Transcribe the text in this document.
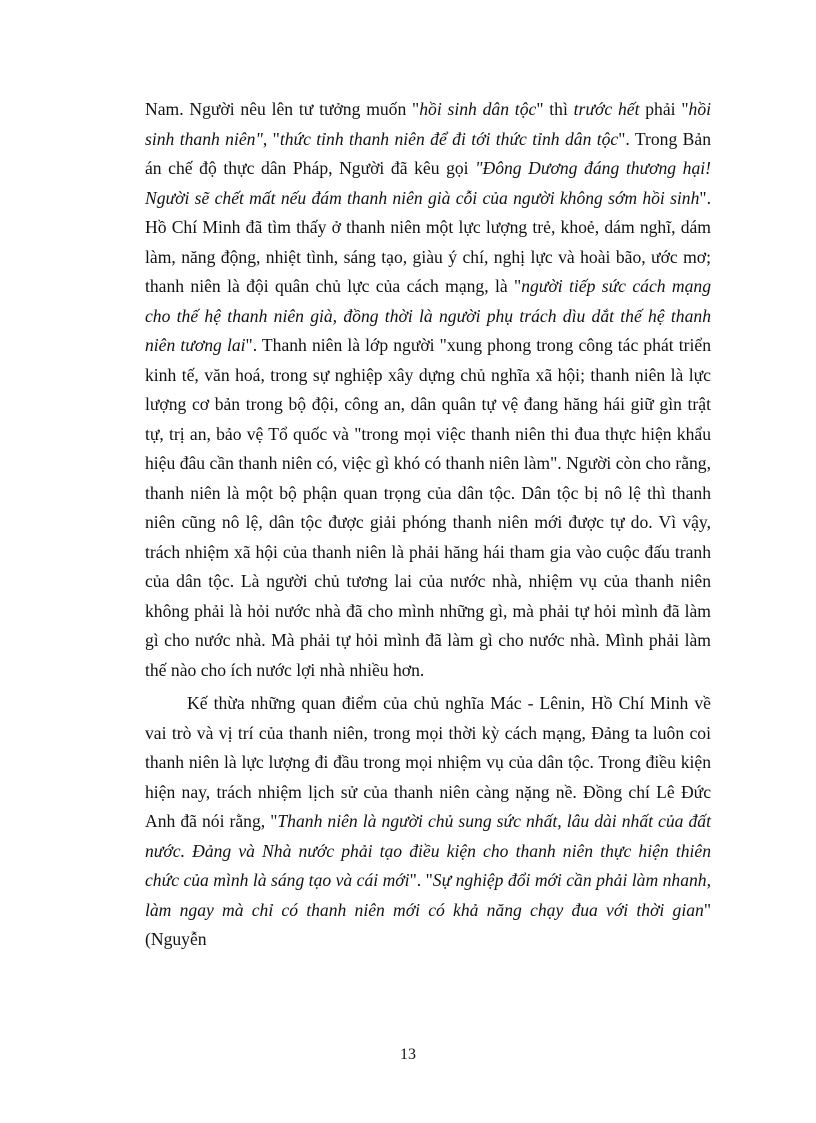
Nam. Người nêu lên tư tưởng muốn "hồi sinh dân tộc" thì trước hết phải "hồi sinh thanh niên", "thức tỉnh thanh niên để đi tới thức tỉnh dân tộc". Trong Bản án chế độ thực dân Pháp, Người đã kêu gọi "Đông Dương đáng thương hại! Người sẽ chết mất nếu đám thanh niên già cỗi của người không sớm hồi sinh". Hồ Chí Minh đã tìm thấy ở thanh niên một lực lượng trẻ, khoẻ, dám nghĩ, dám làm, năng động, nhiệt tình, sáng tạo, giàu ý chí, nghị lực và hoài bão, ước mơ; thanh niên là đội quân chủ lực của cách mạng, là "người tiếp sức cách mạng cho thế hệ thanh niên già, đồng thời là người phụ trách dìu dắt thế hệ thanh niên tương lai". Thanh niên là lớp người "xung phong trong công tác phát triển kinh tế, văn hoá, trong sự nghiệp xây dựng chủ nghĩa xã hội; thanh niên là lực lượng cơ bản trong bộ đội, công an, dân quân tự vệ đang hăng hái giữ gìn trật tự, trị an, bảo vệ Tổ quốc và "trong mọi việc thanh niên thi đua thực hiện khẩu hiệu đâu cần thanh niên có, việc gì khó có thanh niên làm". Người còn cho rằng, thanh niên là một bộ phận quan trọng của dân tộc. Dân tộc bị nô lệ thì thanh niên cũng nô lệ, dân tộc được giải phóng thanh niên mới được tự do. Vì vậy, trách nhiệm xã hội của thanh niên là phải hăng hái tham gia vào cuộc đấu tranh của dân tộc. Là người chủ tương lai của nước nhà, nhiệm vụ của thanh niên không phải là hỏi nước nhà đã cho mình những gì, mà phải tự hỏi mình đã làm gì cho nước nhà. Mà phải tự hỏi mình đã làm gì cho nước nhà. Mình phải làm thế nào cho ích nước lợi nhà nhiều hơn.

Kế thừa những quan điểm của chủ nghĩa Mác - Lênin, Hồ Chí Minh về vai trò và vị trí của thanh niên, trong mọi thời kỳ cách mạng, Đảng ta luôn coi thanh niên là lực lượng đi đầu trong mọi nhiệm vụ của dân tộc. Trong điều kiện hiện nay, trách nhiệm lịch sử của thanh niên càng nặng nề. Đồng chí Lê Đức Anh đã nói rằng, "Thanh niên là người chủ sung sức nhất, lâu dài nhất của đất nước. Đảng và Nhà nước phải tạo điều kiện cho thanh niên thực hiện thiên chức của mình là sáng tạo và cái mới". "Sự nghiệp đổi mới cần phải làm nhanh, làm ngay mà chỉ có thanh niên mới có khả năng chạy đua với thời gian" (Nguyễn

13
